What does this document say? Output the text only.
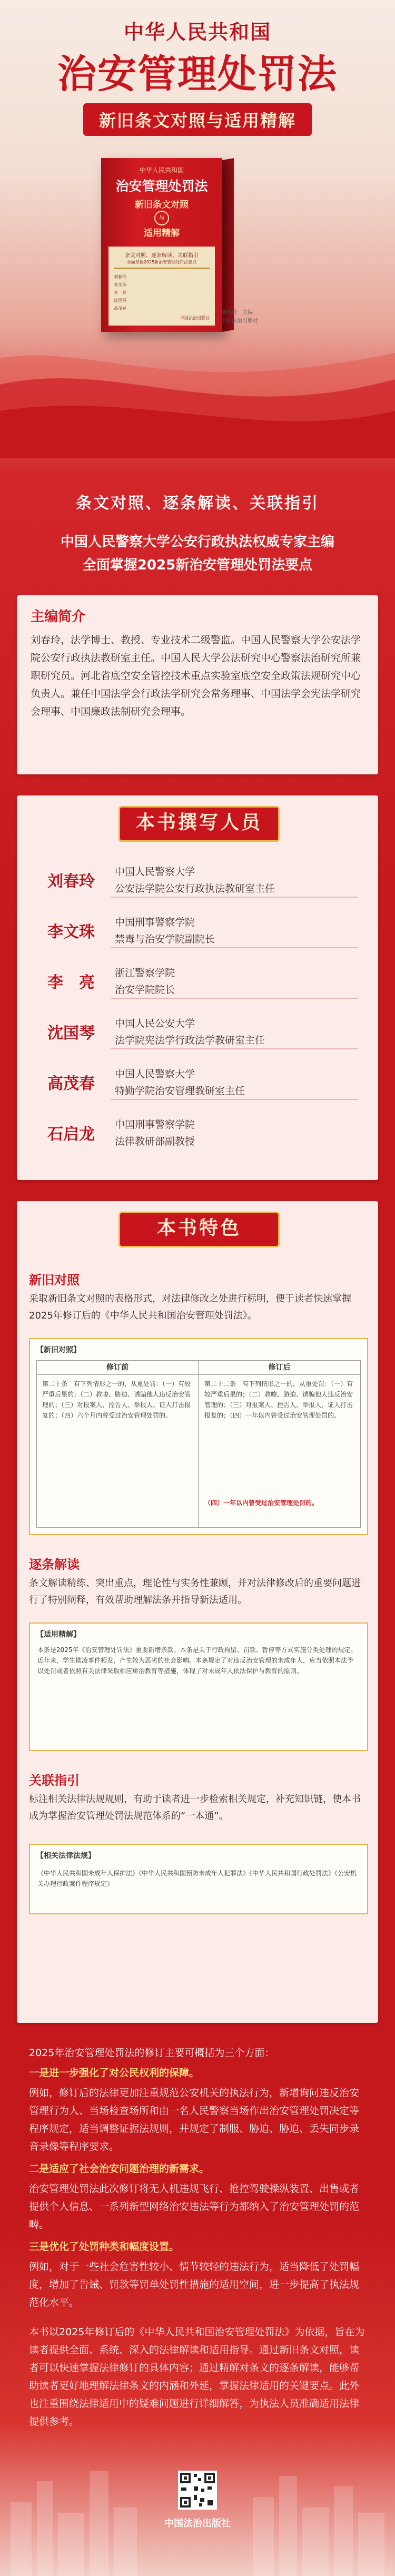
中华人民共和国
治安管理处罚法
新旧条文对照与适用精解
中华人民共和国
治安管理处罚法
新旧条文对照
与
适用精解
条文对照、逐条解读、关联指引
全面掌握2025新治安管理处罚法要点
刘春玲
李文珠
李　亮
沈国琴
高茂春
中国法治出版社
刘春玲　主编
中国法治出版社
条文对照、逐条解读、关联指引
中国人民警察大学公安行政执法权威专家主编
全面掌握2025新治安管理处罚法要点
主编简介
刘春玲，法学博士、教授、专业技术二级警监。中国人民警察大学公安法学院公安行政执法教研室主任。中国人民大学公法研究中心警察法治研究所兼职研究员。河北省底空安全管控技术重点实验室底空安全政策法规研究中心负责人。兼任中国法学会行政法学研究会常务理事、中国法学会宪法学研究会理事、中国廉政法制研究会理事。
本书撰写人员
刘春玲
中国人民警察大学
公安法学院公安行政执法教研室主任
李文珠
中国刑事警察学院
禁毒与治安学院副院长
李　亮
浙江警察学院
治安学院院长
沈国琴
中国人民公安大学
法学院宪法学行政法学教研室主任
高茂春
中国人民警察大学
特勤学院治安管理教研室主任
石启龙
中国刑事警察学院
法律教研部副教授
本书特色
新旧对照
采取新旧条文对照的表格形式，对法律修改之处进行标明，便于读者快速掌握2025年修订后的《中华人民共和国治安管理处罚法》。
【新旧对照】
修订前	修订后
第二十条　有下列情形之一的，从重处罚：（一）有较严重后果的；（二）教唆、胁迫、诱骗他人违反治安管理的；（三）对报案人、控告人、举报人、证人打击报复的；（四）六个月内曾受过治安管理处罚的。
第二十二条　有下列情形之一的，从重处罚：（一）有较严重后果的；（二）教唆、胁迫、诱骗他人违反治安管理的；（三）对报案人、控告人、举报人、证人打击报复的；（四）一年以内曾受过治安管理处罚的。
（四）一年以内曾受过治安管理处罚的。
逐条解读
条文解读精练、突出重点，理论性与实务性兼顾，并对法律修改后的重要问题进行了特别阐释，有效帮助理解法条并指导新法适用。
【适用精解】
本条是2025年《治安管理处罚法》重要新增条款。本条是关于行政拘留、罚款、暂停等方式实施分类处理的规定。近年来，学生欺凌事件频发，产生较为恶劣的社会影响。本条规定了对违反治安管理的未成年人，应当依照本法予以处罚或者依照有关法律采取相应矫治教育等措施，体现了对未成年人依法保护与教育的原则。
关联指引
标注相关法律法规规则，有助于读者进一步检索相关规定，补充知识链，使本书成为掌握治安管理处罚法规范体系的“一本通”。
【相关法律法规】
《中华人民共和国未成年人保护法》《中华人民共和国预防未成年人犯罪法》《中华人民共和国行政处罚法》《公安机关办理行政案件程序规定》
2025年治安管理处罚法的修订主要可概括为三个方面：
一是进一步强化了对公民权利的保障。
例如，修订后的法律更加注重规范公安机关的执法行为，新增询问违反治安管理行为人、当场检查场所和由一名人民警察当场作出治安管理处罚决定等程序规定，适当调整证据法规则，并规定了制服、胁迫、胁迫、丢失同步录音录像等程序要求。
二是适应了社会治安问题治理的新需求。
治安管理处罚法此次修订将无人机违规飞行、抢控驾驶操纵装置、出售或者提供个人信息、一系列新型网络治安违法等行为都纳入了治安管理处罚的范畴。
三是优化了处罚种类和幅度设置。
例如，对于一些社会危害性较小、情节较轻的违法行为，适当降低了处罚幅度，增加了告诫、罚款等罚单处罚性措施的适用空间，进一步提高了执法规范化水平。
本书以2025年修订后的《中华人民共和国治安管理处罚法》为依据，旨在为读者提供全面、系统、深入的法律解读和适用指导。通过新旧条文对照，读者可以快速掌握法律修订的具体内容；通过精解对条文的逐条解读，能够帮助读者更好地理解法律条文的内涵和外延，掌握法律适用的关键要点。此外也注重围绕法律适用中的疑难问题进行详细解答，为执法人员准确适用法律提供参考。
中国法治出版社
